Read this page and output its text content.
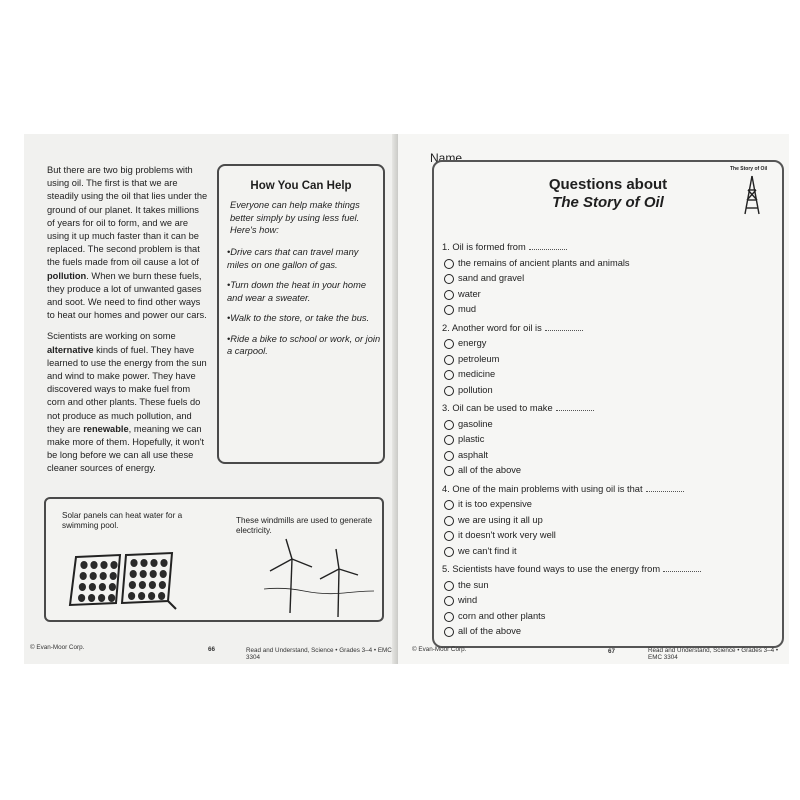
But there are two big problems with using oil. The first is that we are steadily using the oil that lies under the ground of our planet. It takes millions of years for oil to form, and we are using it up much faster than it can be replaced. The second problem is that the fuels made from oil cause a lot of pollution. When we burn these fuels, they produce a lot of unwanted gases and soot. We need to find other ways to heat our homes and power our cars.

Scientists are working on some alternative kinds of fuel. They have learned to use the energy from the sun and wind to make power. They have discovered ways to make fuel from corn and other plants. These fuels do not produce as much pollution, and they are renewable, meaning we can make more of them. Hopefully, it won't be long before we can all use these cleaner sources of energy.

How You Can Help
Everyone can help make things better simply by using less fuel. Here's how:
•Drive cars that can travel many miles on one gallon of gas.
•Turn down the heat in your home and wear a sweater.
•Walk to the store, or take the bus.
•Ride a bike to school or work, or join a carpool.
Solar panels can heat water for a swimming pool.
These windmills are used to generate electricity.
© Evan-Moor Corp.	66	Read and Understand, Science • Grades 3–4 • EMC 3304
Name
The Story of Oil
Questions about
The Story of Oil
1. Oil is formed from
the remains of ancient plants and animals
sand and gravel
water
mud
2. Another word for oil is
energy
petroleum
medicine
pollution
3. Oil can be used to make
gasoline
plastic
asphalt
all of the above
4. One of the main problems with using oil is that
it is too expensive
we are using it all up
it doesn't work very well
we can't find it
5. Scientists have found ways to use the energy from
the sun
wind
corn and other plants
all of the above
© Evan-Moor Corp.	67	Read and Understand, Science • Grades 3–4 • EMC 3304
